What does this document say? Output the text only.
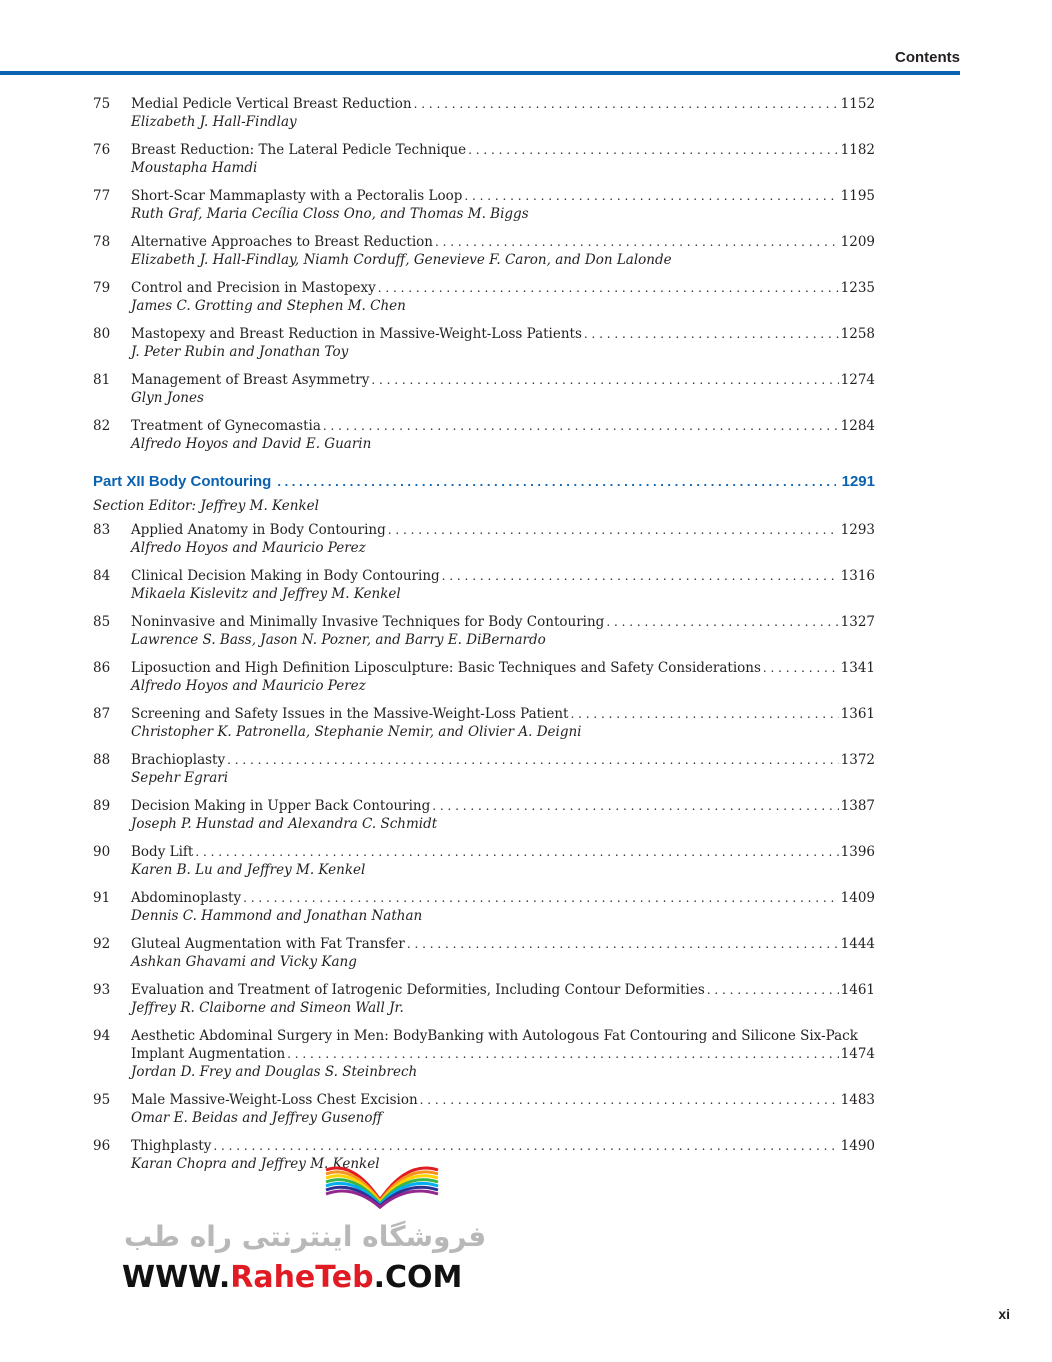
Contents
75	Medial Pedicle Vertical Breast Reduction . . .	1152
Elizabeth J. Hall-Findlay
76	Breast Reduction: The Lateral Pedicle Technique . . .	1182
Moustapha Hamdi
77	Short-Scar Mammaplasty with a Pectoralis Loop . . .	1195
Ruth Graf, Maria Cecília Closs Ono, and Thomas M. Biggs
78	Alternative Approaches to Breast Reduction . . .	1209
Elizabeth J. Hall-Findlay, Niamh Corduff, Genevieve F. Caron, and Don Lalonde
79	Control and Precision in Mastopexy . . .	1235
James C. Grotting and Stephen M. Chen
80	Mastopexy and Breast Reduction in Massive-Weight-Loss Patients . . .	1258
J. Peter Rubin and Jonathan Toy
81	Management of Breast Asymmetry . . .	1274
Glyn Jones
82	Treatment of Gynecomastia . . .	1284
Alfredo Hoyos and David E. Guarin
Part XII Body Contouring . . .	1291
Section Editor: Jeffrey M. Kenkel
83	Applied Anatomy in Body Contouring . . .	1293
Alfredo Hoyos and Mauricio Perez
84	Clinical Decision Making in Body Contouring . . .	1316
Mikaela Kislevitz and Jeffrey M. Kenkel
85	Noninvasive and Minimally Invasive Techniques for Body Contouring . . .	1327
Lawrence S. Bass, Jason N. Pozner, and Barry E. DiBernardo
86	Liposuction and High Definition Liposculpture: Basic Techniques and Safety Considerations . . .	1341
Alfredo Hoyos and Mauricio Perez
87	Screening and Safety Issues in the Massive-Weight-Loss Patient . . .	1361
Christopher K. Patronella, Stephanie Nemir, and Olivier A. Deigni
88	Brachioplasty . . .	1372
Sepehr Egrari
89	Decision Making in Upper Back Contouring . . .	1387
Joseph P. Hunstad and Alexandra C. Schmidt
90	Body Lift . . .	1396
Karen B. Lu and Jeffrey M. Kenkel
91	Abdominoplasty . . .	1409
Dennis C. Hammond and Jonathan Nathan
92	Gluteal Augmentation with Fat Transfer . . .	1444
Ashkan Ghavami and Vicky Kang
93	Evaluation and Treatment of Iatrogenic Deformities, Including Contour Deformities . . .	1461
Jeffrey R. Claiborne and Simeon Wall Jr.
94	Aesthetic Abdominal Surgery in Men: BodyBanking with Autologous Fat Contouring and Silicone Six-Pack
Implant Augmentation . . .	1474
Jordan D. Frey and Douglas S. Steinbrech
95	Male Massive-Weight-Loss Chest Excision . . .	1483
Omar E. Beidas and Jeffrey Gusenoff
96	Thighplasty . . .	1490
Karan Chopra and Jeffrey M. Kenkel
فروشگاه اینترنتی راه طب
WWW.RaheTeb.COM
xi
